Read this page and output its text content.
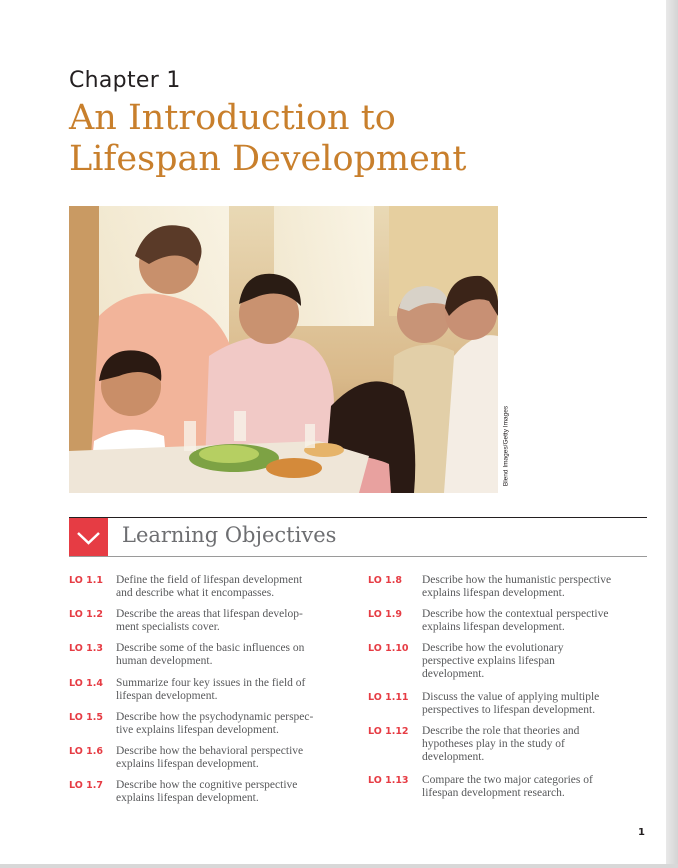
Chapter 1
An Introduction to
Lifespan Development
Blend Images/Getty Images
Learning Objectives
LO 1.1 Define the field of lifespan development
and describe what it encompasses.
LO 1.2 Describe the areas that lifespan develop-
ment specialists cover.
LO 1.3 Describe some of the basic influences on
human development.
LO 1.4 Summarize four key issues in the field of
lifespan development.
LO 1.5 Describe how the psychodynamic perspec-
tive explains lifespan development.
LO 1.6 Describe how the behavioral perspective
explains lifespan development.
LO 1.7 Describe how the cognitive perspective
explains lifespan development.
LO 1.8 Describe how the humanistic perspective
explains lifespan development.
LO 1.9 Describe how the contextual perspective
explains lifespan development.
LO 1.10 Describe how the evolutionary
perspective explains lifespan
development.
LO 1.11 Discuss the value of applying multiple
perspectives to lifespan development.
LO 1.12 Describe the role that theories and
hypotheses play in the study of
development.
LO 1.13 Compare the two major categories of
lifespan development research.
1
